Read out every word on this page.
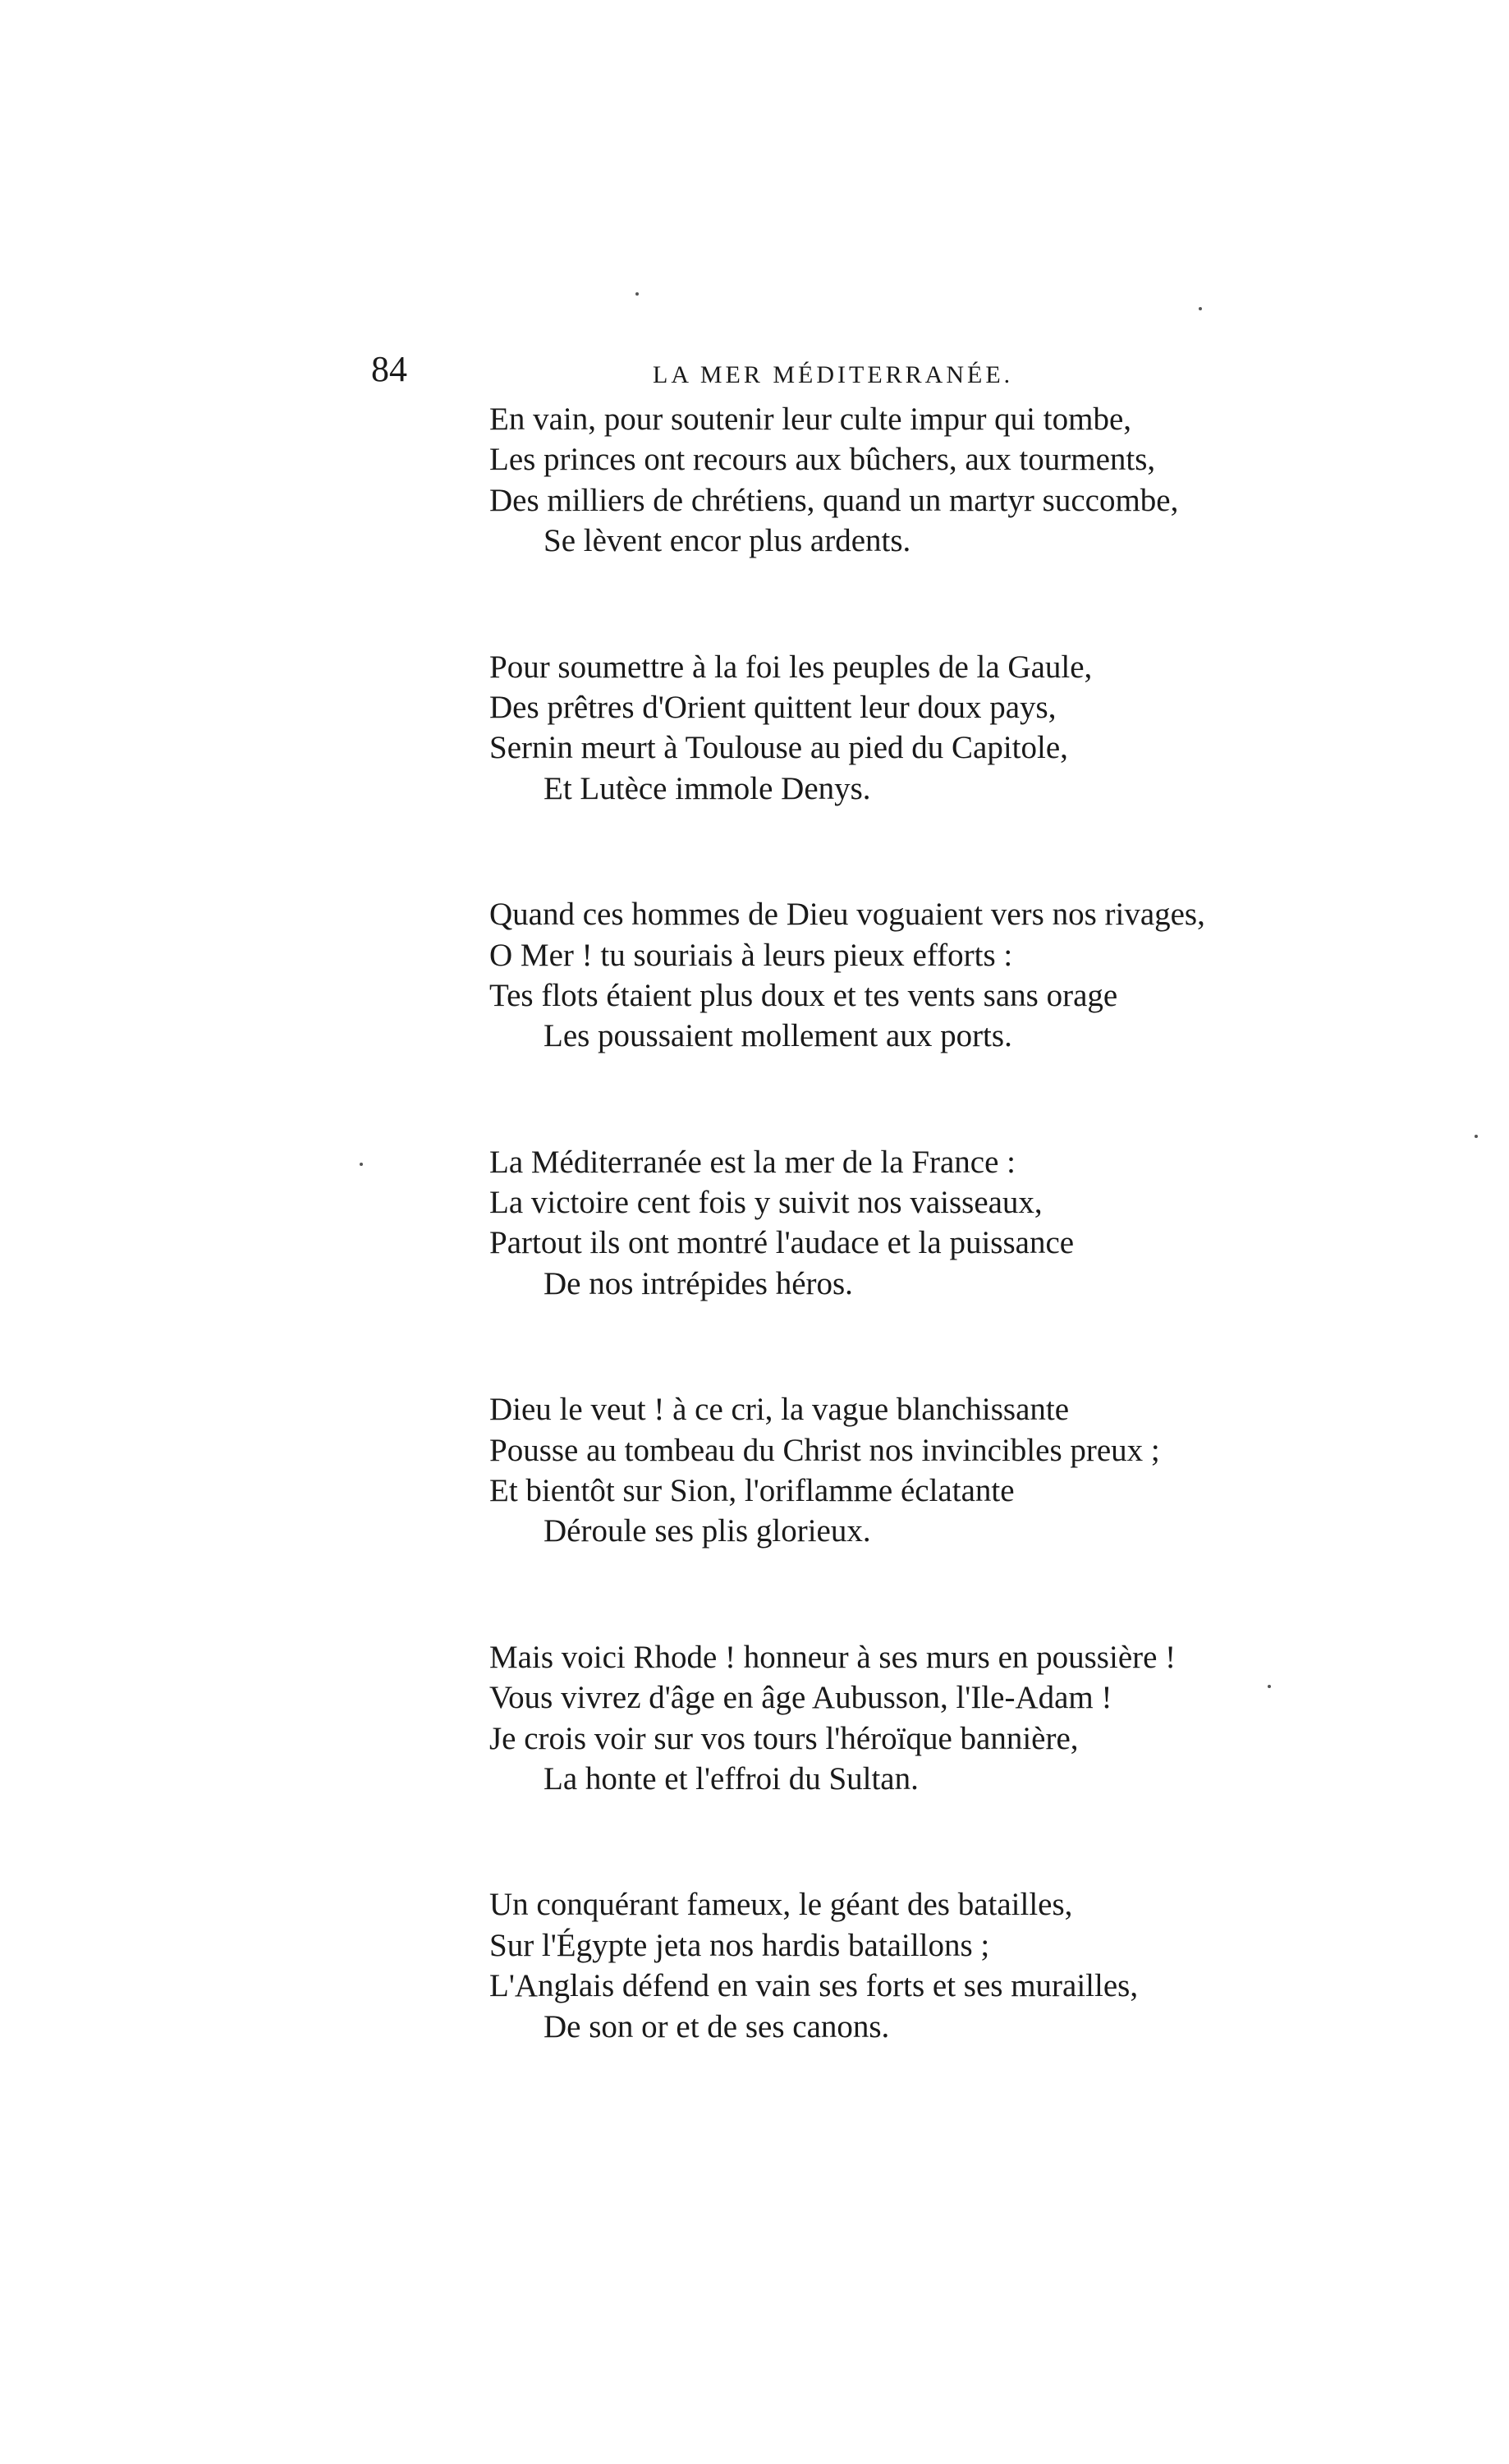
84	LA MER MÉDITERRANÉE.
En vain, pour soutenir leur culte impur qui tombe,
Les princes ont recours aux bûchers, aux tourments,
Des milliers de chrétiens, quand un martyr succombe,
Se lèvent encor plus ardents.
Pour soumettre à la foi les peuples de la Gaule,
Des prêtres d'Orient quittent leur doux pays,
Sernin meurt à Toulouse au pied du Capitole,
Et Lutèce immole Denys.
Quand ces hommes de Dieu voguaient vers nos rivages,
O Mer ! tu souriais à leurs pieux efforts :
Tes flots étaient plus doux et tes vents sans orage
Les poussaient mollement aux ports.
La Méditerranée est la mer de la France :
La victoire cent fois y suivit nos vaisseaux,
Partout ils ont montré l'audace et la puissance
De nos intrépides héros.
Dieu le veut ! à ce cri, la vague blanchissante
Pousse au tombeau du Christ nos invincibles preux ;
Et bientôt sur Sion, l'oriflamme éclatante
Déroule ses plis glorieux.
Mais voici Rhode ! honneur à ses murs en poussière !
Vous vivrez d'âge en âge Aubusson, l'Ile-Adam !
Je crois voir sur vos tours l'héroïque bannière,
La honte et l'effroi du Sultan.
Un conquérant fameux, le géant des batailles,
Sur l'Égypte jeta nos hardis bataillons ;
L'Anglais défend en vain ses forts et ses murailles,
De son or et de ses canons.
